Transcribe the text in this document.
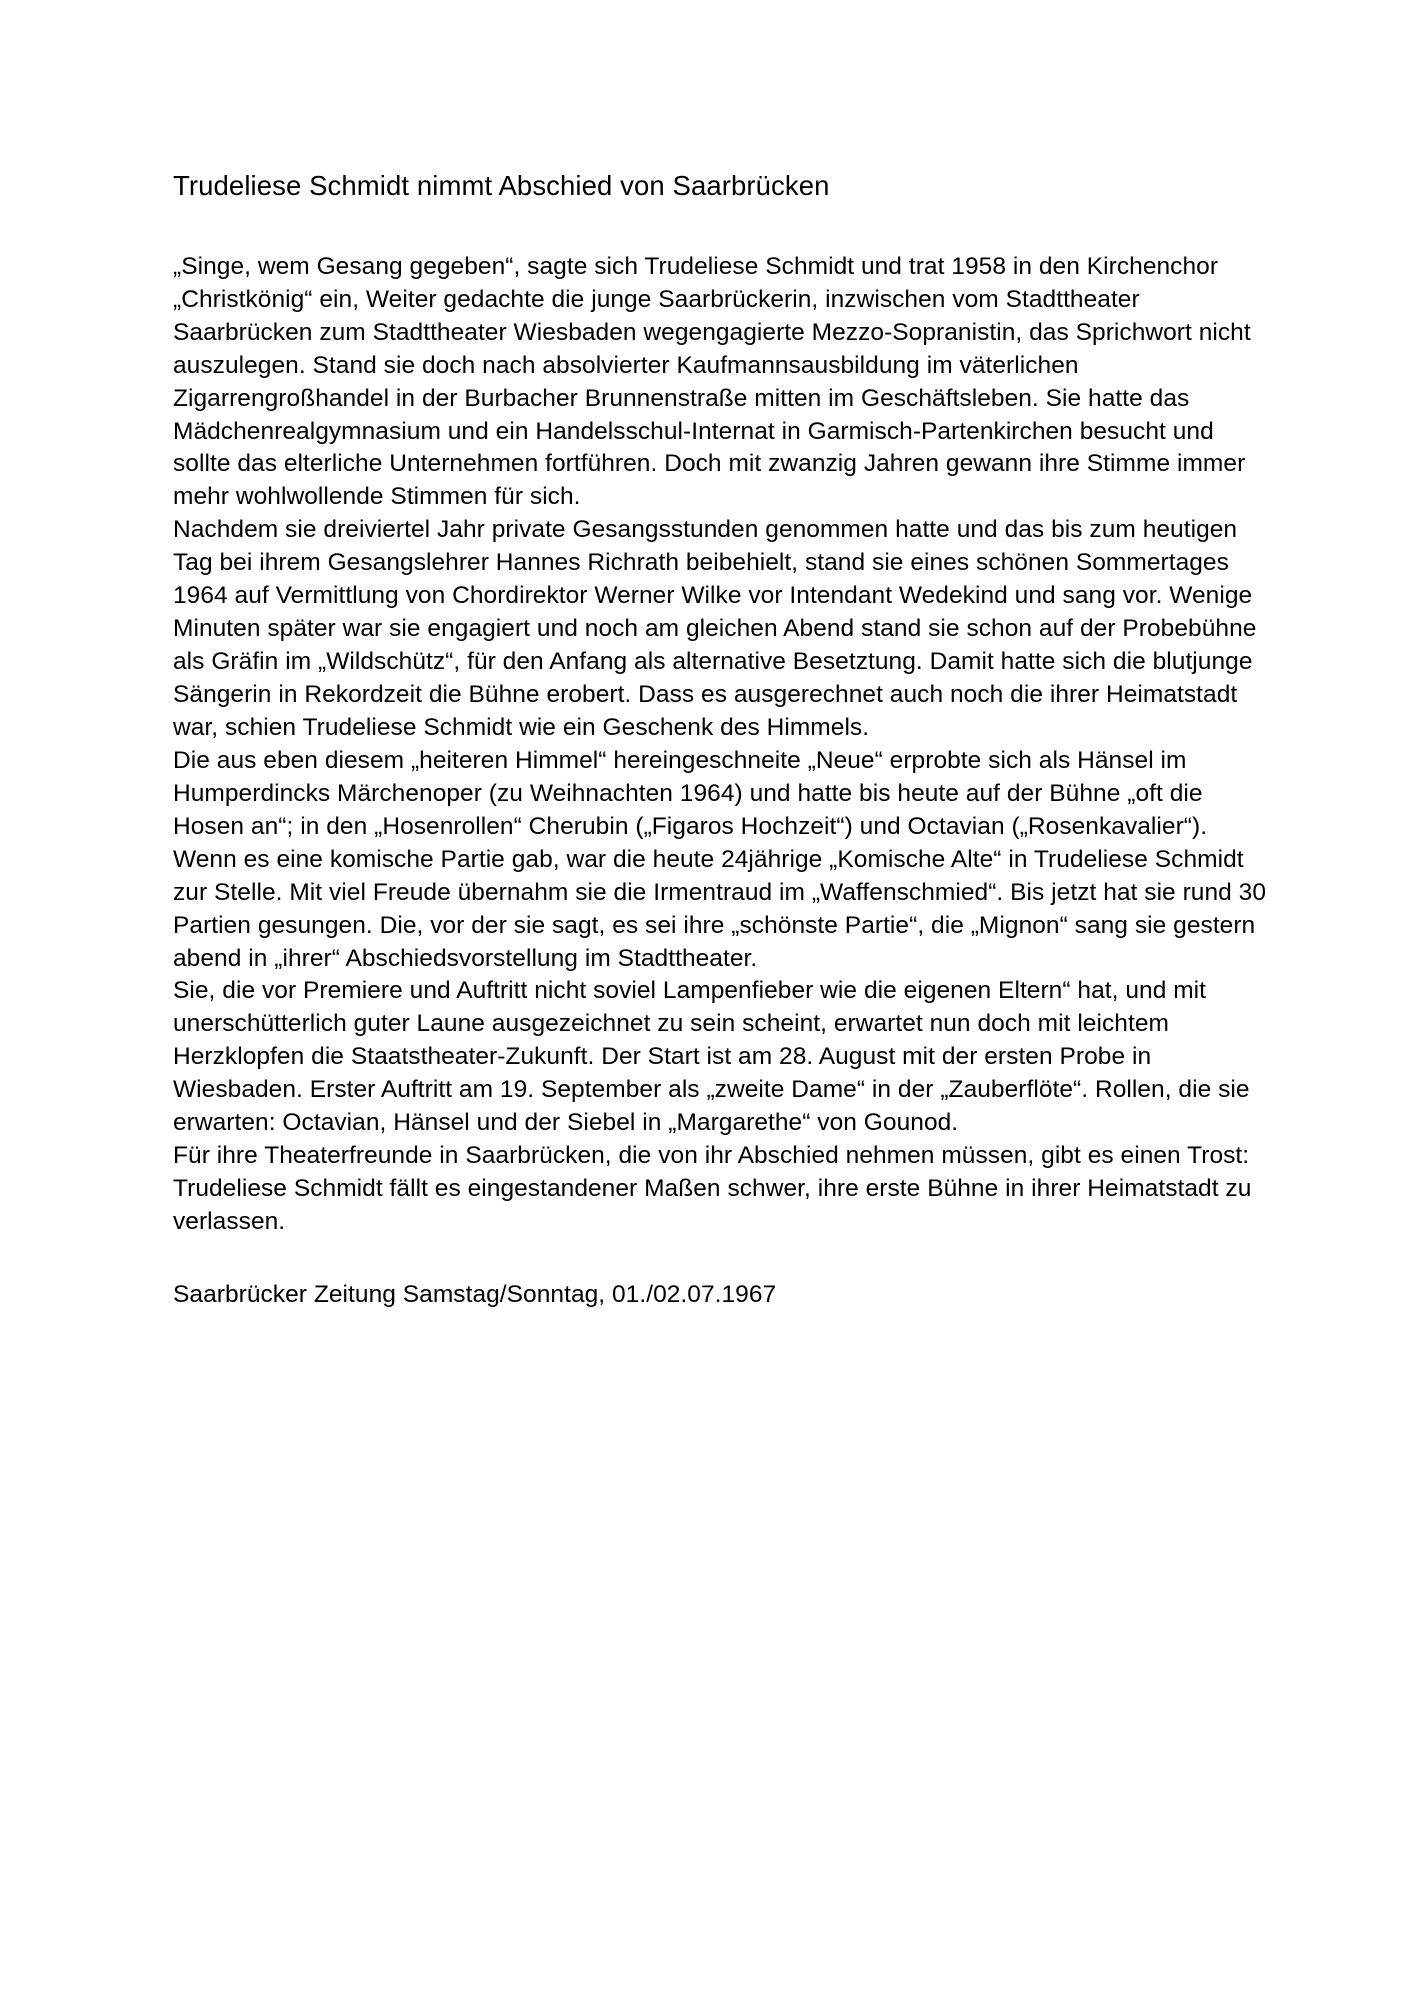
Trudeliese Schmidt nimmt Abschied von Saarbrücken

„Singe, wem Gesang gegeben“, sagte sich Trudeliese Schmidt und trat 1958 in den Kirchenchor „Christkönig“ ein, Weiter gedachte die junge Saarbrückerin, inzwischen vom Stadttheater Saarbrücken zum Stadttheater Wiesbaden wegengagierte Mezzo-Sopranistin, das Sprichwort nicht auszulegen. Stand sie doch nach absolvierter Kaufmannsausbildung im väterlichen Zigarrengroßhandel in der Burbacher Brunnenstraße mitten im Geschäftsleben. Sie hatte das Mädchenrealgymnasium und ein Handelsschul-Internat in Garmisch-Partenkirchen besucht und sollte das elterliche Unternehmen fortführen. Doch mit zwanzig Jahren gewann ihre Stimme immer mehr wohlwollende Stimmen für sich.

Nachdem sie dreiviertel Jahr private Gesangsstunden genommen hatte und das bis zum heutigen Tag bei ihrem Gesangslehrer Hannes Richrath beibehielt, stand sie eines schönen Sommertages 1964 auf Vermittlung von Chordirektor Werner Wilke vor Intendant Wedekind und sang vor. Wenige Minuten später war sie engagiert und noch am gleichen Abend stand sie schon auf der Probebühne als Gräfin im „Wildschütz“, für den Anfang als alternative Besetztung. Damit hatte sich die blutjunge Sängerin in Rekordzeit die Bühne erobert. Dass es ausgerechnet auch noch die ihrer Heimatstadt war, schien Trudeliese Schmidt wie ein Geschenk des Himmels.

Die aus eben diesem „heiteren Himmel“ hereingeschneite „Neue“ erprobte sich als Hänsel im Humperdincks Märchenoper (zu Weihnachten 1964) und hatte bis heute auf der Bühne „oft die Hosen an“; in den „Hosenrollen“ Cherubin („Figaros Hochzeit“) und Octavian („Rosenkavalier“). Wenn es eine komische Partie gab, war die heute 24jährige „Komische Alte“ in Trudeliese Schmidt zur Stelle. Mit viel Freude übernahm sie die Irmentraud im „Waffenschmied“. Bis jetzt hat sie rund 30 Partien gesungen. Die, vor der sie sagt, es sei ihre „schönste Partie“, die „Mignon“ sang sie gestern abend in „ihrer“ Abschiedsvorstellung im Stadttheater.

Sie, die vor Premiere und Auftritt nicht soviel Lampenfieber wie die eigenen Eltern“ hat, und mit unerschütterlich guter Laune ausgezeichnet zu sein scheint, erwartet nun doch mit leichtem Herzklopfen die Staatstheater-Zukunft. Der Start ist am 28. August mit der ersten Probe in Wiesbaden. Erster Auftritt am 19. September als „zweite Dame“ in der „Zauberflöte“. Rollen, die sie erwarten: Octavian, Hänsel und der Siebel in „Margarethe“ von Gounod.

Für ihre Theaterfreunde in Saarbrücken, die von ihr Abschied nehmen müssen, gibt es einen Trost: Trudeliese Schmidt fällt es eingestandener Maßen schwer, ihre erste Bühne in ihrer Heimatstadt zu verlassen.

Saarbrücker Zeitung Samstag/Sonntag, 01./02.07.1967
